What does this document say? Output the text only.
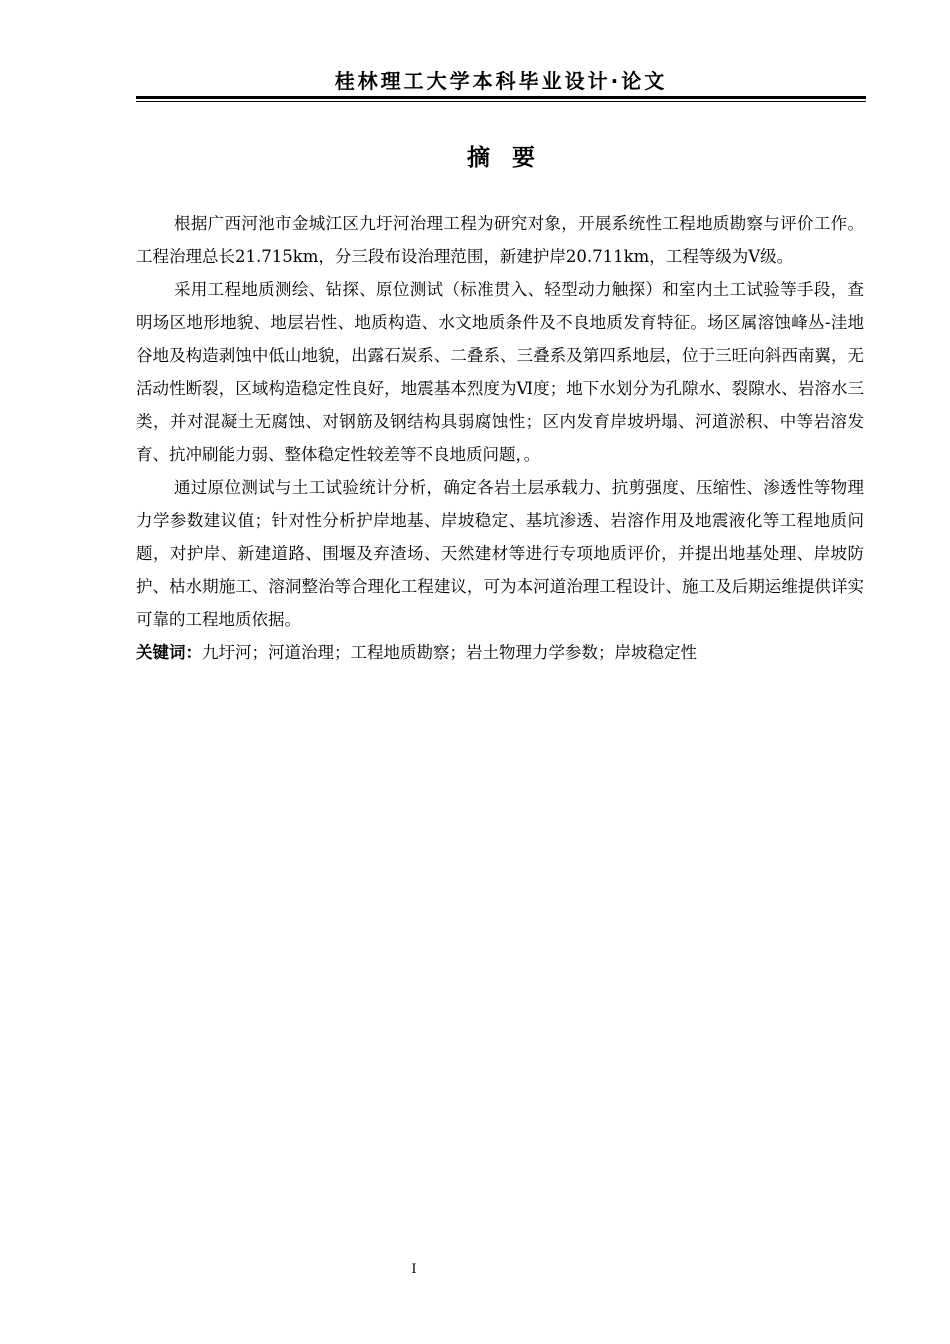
桂林理工大学本科毕业设计·论文
摘要

根据广西河池市金城江区九圩河治理工程为研究对象，开展系统性工程地质勘察与评价工作。工程治理总长21.715km，分三段布设治理范围，新建护岸20.711km，工程等级为Ⅴ级。

采用工程地质测绘、钻探、原位测试（标准贯入、轻型动力触探）和室内土工试验等手段，查明场区地形地貌、地层岩性、地质构造、水文地质条件及不良地质发育特征。场区属溶蚀峰丛-洼地谷地及构造剥蚀中低山地貌，出露石炭系、二叠系、三叠系及第四系地层，位于三旺向斜西南翼，无活动性断裂，区域构造稳定性良好，地震基本烈度为Ⅵ度；地下水划分为孔隙水、裂隙水、岩溶水三类，并对混凝土无腐蚀、对钢筋及钢结构具弱腐蚀性；区内发育岸坡坍塌、河道淤积、中等岩溶发育、抗冲刷能力弱、整体稳定性较差等不良地质问题，。

通过原位测试与土工试验统计分析，确定各岩土层承载力、抗剪强度、压缩性、渗透性等物理力学参数建议值；针对性分析护岸地基、岸坡稳定、基坑渗透、岩溶作用及地震液化等工程地质问题，对护岸、新建道路、围堰及弃渣场、天然建材等进行专项地质评价，并提出地基处理、岸坡防护、枯水期施工、溶洞整治等合理化工程建议，可为本河道治理工程设计、施工及后期运维提供详实可靠的工程地质依据。

关键词：九圩河；河道治理；工程地质勘察；岩土物理力学参数；岸坡稳定性

I
